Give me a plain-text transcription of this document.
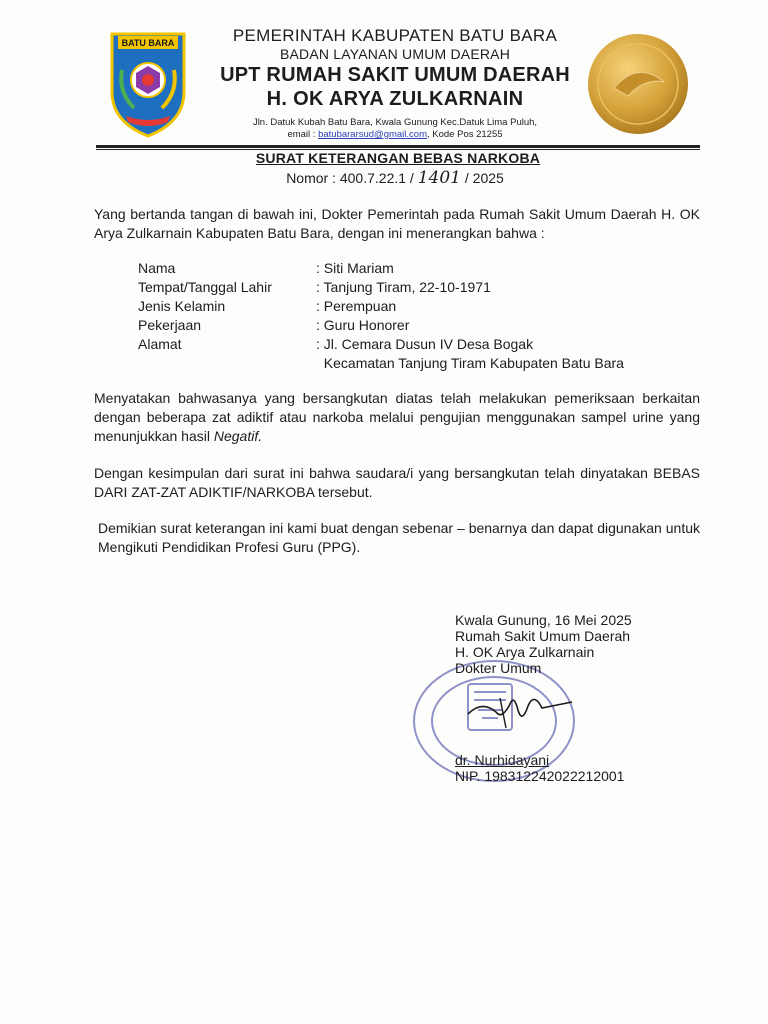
BATU BARA	PEMERINTAH KABUPATEN BATU BARA
BADAN LAYANAN UMUM DAERAH
UPT RUMAH SAKIT UMUM DAERAH
H. OK ARYA ZULKARNAIN
Jln. Datuk Kubah Batu Bara, Kwala Gunung Kec.Datuk Lima Puluh,
email : batubararsud@gmail.com, Kode Pos 21255
SURAT KETERANGAN BEBAS NARKOBA
Nomor : 400.7.22.1 / 1401 / 2025
Yang bertanda tangan di bawah ini, Dokter Pemerintah pada Rumah Sakit Umum Daerah H. OK Arya Zulkarnain Kabupaten Batu Bara, dengan ini menerangkan bahwa :
Nama	: Siti Mariam
Tempat/Tanggal Lahir	: Tanjung Tiram, 22-10-1971
Jenis Kelamin	: Perempuan
Pekerjaan	: Guru Honorer
Alamat	: Jl. Cemara Dusun IV Desa Bogak
Kecamatan Tanjung Tiram Kabupaten Batu Bara
Menyatakan bahwasanya yang bersangkutan diatas telah melakukan pemeriksaan berkaitan dengan beberapa zat adiktif atau narkoba melalui pengujian menggunakan sampel urine yang menunjukkan hasil Negatif.
Dengan kesimpulan dari surat ini bahwa saudara/i yang bersangkutan telah dinyatakan BEBAS DARI ZAT-ZAT ADIKTIF/NARKOBA tersebut.
Demikian surat keterangan ini kami buat dengan sebenar – benarnya dan dapat digunakan untuk Mengikuti Pendidikan Profesi Guru (PPG).
Kwala Gunung, 16 Mei 2025
Rumah Sakit Umum Daerah
H. OK Arya Zulkarnain
Dokter Umum
dr. Nurhidayani
NIP. 198312242022212001
